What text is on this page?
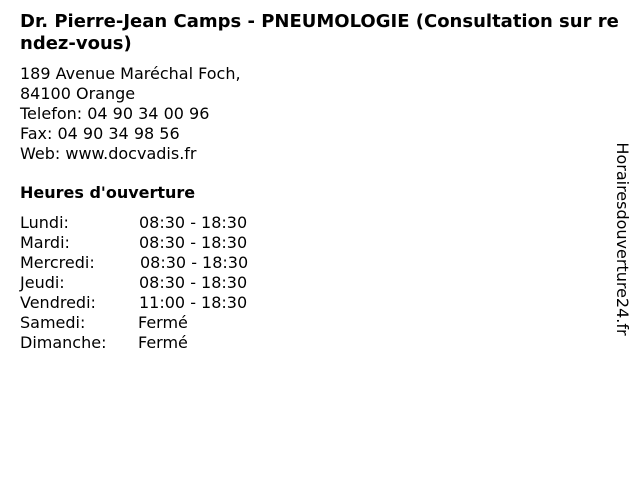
Dr. Pierre-Jean Camps - PNEUMOLOGIE (Consultation sur rendez-vous)
189 Avenue Maréchal Foch,
84100 Orange
Telefon: 04 90 34 00 96
Fax: 04 90 34 98 56
Web: www.docvadis.fr
Heures d'ouverture
Lundi:	08:30 - 18:30
Mardi:	08:30 - 18:30
Mercredi:	08:30 - 18:30
Jeudi:	08:30 - 18:30
Vendredi:	11:00 - 18:30
Samedi:	Fermé
Dimanche: Fermé
Horairesdouverture24.fr
